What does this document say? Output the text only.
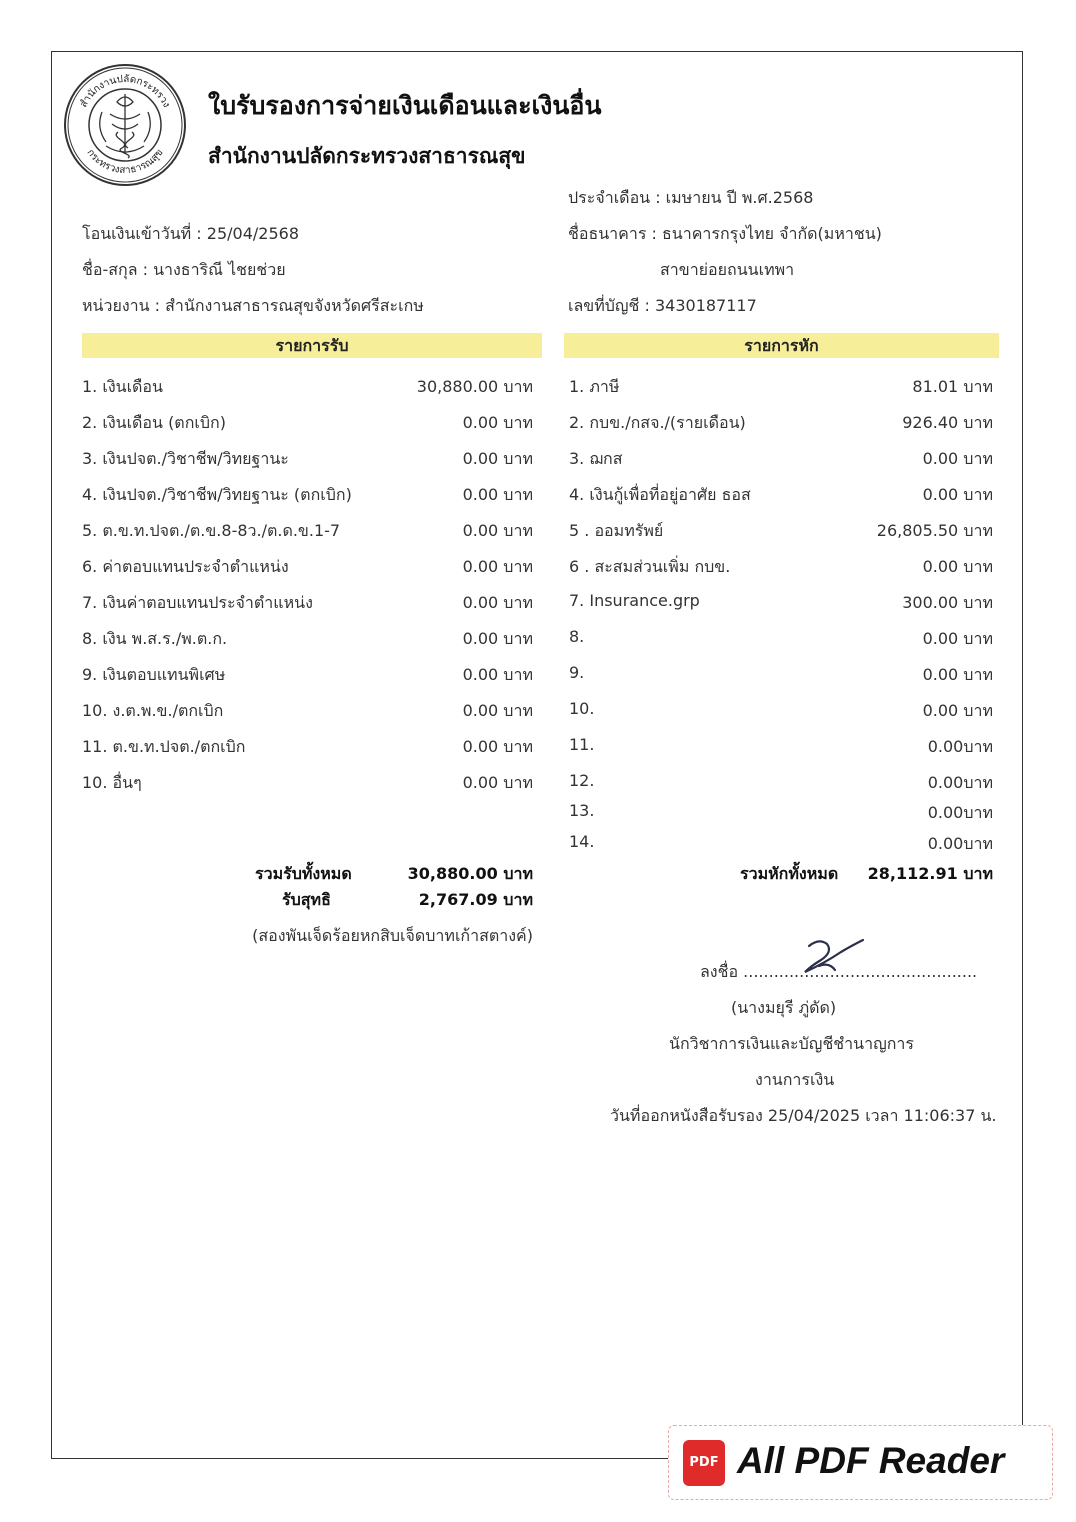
สำนักงานปลัดกระทรวง
กระทรวงสาธารณสุข
ใบรับรองการจ่ายเงินเดือนและเงินอื่น
สำนักงานปลัดกระทรวงสาธารณสุข
ประจำเดือน : เมษายน ปี พ.ศ.2568
โอนเงินเข้าวันที่ : 25/04/2568	ชื่อธนาคาร : ธนาคารกรุงไทย จำกัด(มหาชน)
ชื่อ-สกุล : นางธาริณี ไชยช่วย	สาขาย่อยถนนเทพา
หน่วยงาน : สำนักงานสาธารณสุขจังหวัดศรีสะเกษ	เลขที่บัญชี : 3430187117
รายการรับ	รายการหัก
1. เงินเดือน	30,880.00 บาท
2. เงินเดือน (ตกเบิก)	0.00 บาท
3. เงินปจต./วิชาชีพ/วิทยฐานะ	0.00 บาท
4. เงินปจต./วิชาชีพ/วิทยฐานะ (ตกเบิก)	0.00 บาท
5. ต.ข.ท.ปจต./ต.ข.8-8ว./ต.ด.ข.1-7	0.00 บาท
6. ค่าตอบแทนประจำตำแหน่ง	0.00 บาท
7. เงินค่าตอบแทนประจำตำแหน่ง	0.00 บาท
8. เงิน พ.ส.ร./พ.ต.ก.	0.00 บาท
9. เงินตอบแทนพิเศษ	0.00 บาท
10. ง.ต.พ.ข./ตกเบิก	0.00 บาท
11. ต.ข.ท.ปจต./ตกเบิก	0.00 บาท
10. อื่นๆ	0.00 บาท
1. ภาษี	81.01 บาท
2. กบข./กสจ./(รายเดือน)	926.40 บาท
3. ฌกส	0.00 บาท
4. เงินกู้เพื่อที่อยู่อาศัย ธอส	0.00 บาท
5 . ออมทรัพย์	26,805.50 บาท
6 . สะสมส่วนเพิ่ม กบข.	0.00 บาท
7. Insurance.grp	300.00 บาท
8.	0.00 บาท
9.	0.00 บาท
10.	0.00 บาท
11.	0.00บาท
12.	0.00บาท
13.	0.00บาท
14.	0.00บาท
รวมรับทั้งหมด	30,880.00 บาท
รับสุทธิ	2,767.09 บาท
(สองพันเจ็ดร้อยหกสิบเจ็ดบาทเก้าสตางค์)
รวมหักทั้งหมด 28,112.91 บาท
ลงชื่อ ..............................................
(นางมยุรี ภู่ดัด)
นักวิชาการเงินและบัญชีชำนาญการ
งานการเงิน
วันที่ออกหนังสือรับรอง 25/04/2025 เวลา 11:06:37 น.
PDF All PDF Reader
